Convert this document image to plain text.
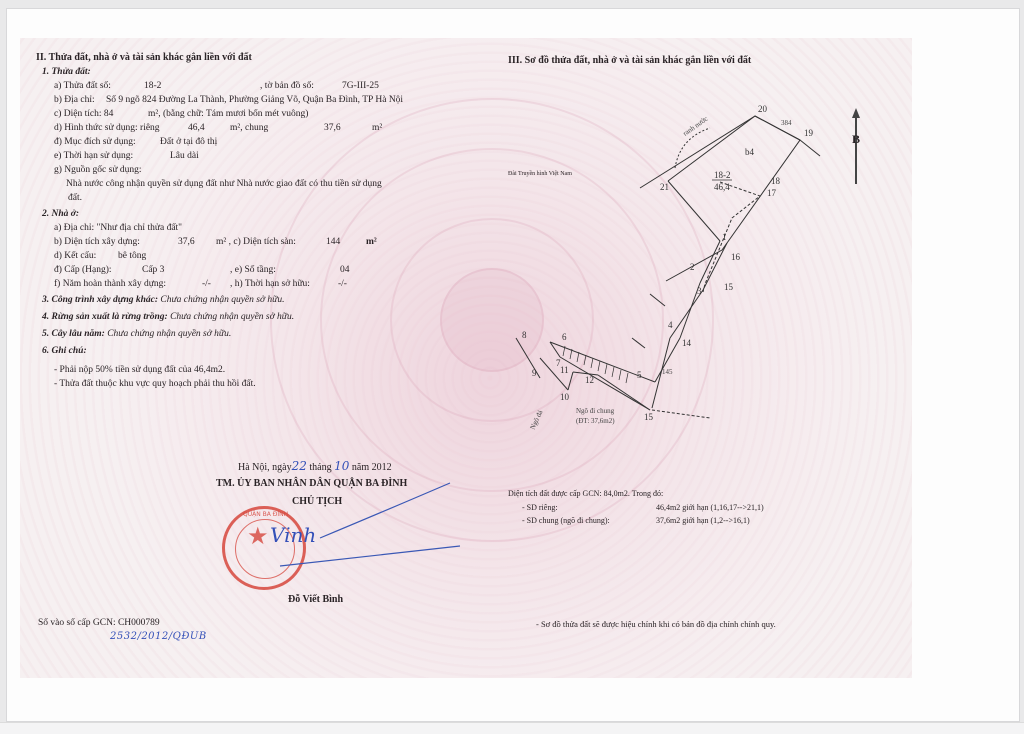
II. Thửa đất, nhà ở và tài sản khác gắn liền với đất
1. Thửa đất:
a) Thửa đất số:	18-2	, tờ bản đồ số:	7G-III-25
b) Địa chỉ: Số 9 ngõ 824 Đường La Thành, Phường Giảng Võ, Quận Ba Đình, TP Hà Nội
c) Diện tích: 84	m², (bằng chữ: Tám mươi bốn mét vuông)
d) Hình thức sử dụng: riêng	46,4	m², chung	37,6	m²
đ) Mục đích sử dụng:	Đất ở tại đô thị
e) Thời hạn sử dụng:	Lâu dài
g) Nguồn gốc sử dụng:
Nhà nước công nhận quyền sử dụng đất như Nhà nước giao đất có thu tiền sử dụng
đất.
2. Nhà ở:
a) Địa chỉ: "Như địa chỉ thửa đất"
b) Diện tích xây dựng:	37,6 m² , c) Diện tích sàn:	144	m²
d) Kết cấu: bê tông
đ) Cấp (Hạng):	Cấp 3	, e) Số tầng:	04
f) Năm hoàn thành xây dựng:	-/- , h) Thời hạn sở hữu:	-/-
3. Công trình xây dựng khác: Chưa chứng nhận quyền sở hữu.
4. Rừng sản xuất là rừng trồng: Chưa chứng nhận quyền sở hữu.
5. Cây lâu năm: Chưa chứng nhận quyền sở hữu.
6. Ghi chú:
- Phải nộp 50% tiền sử dụng đất của 46,4m2.
- Thửa đất thuộc khu vực quy hoạch phải thu hồi đất.
Hà Nội, ngày22 tháng 10 năm 2012
TM. ỦY BAN NHÂN DÂN QUẬN BA ĐÌNH
CHỦ TỊCH
★
QUẬN BA ĐÌNH
Vinh
Đỗ Viết Bình
Số vào sổ cấp GCN: CH000789
2532/2012/QĐUB
III. Sơ đồ thửa đất, nhà ở và tài sản khác gắn liền với đất
Đài Truyền hình Việt Nam
B
20
19
21
18
17
b4
18-2
46,4
ranh nước	384
1
16
2
3	15
14
4
5
15
6
7
8
9
10
11
12
Ngõ đi chung
(ĐT: 37,6m2)
Ngõ đá
145
Diện tích đất được cấp GCN: 84,0m2. Trong đó:
- SD riêng:	46,4m2 giới hạn (1,16,17-->21,1)
- SD chung (ngõ đi chung):	37,6m2 giới hạn (1,2-->16,1)
- Sơ đồ thửa đất sẽ được hiệu chỉnh khi có bản đồ địa chính chính quy.
